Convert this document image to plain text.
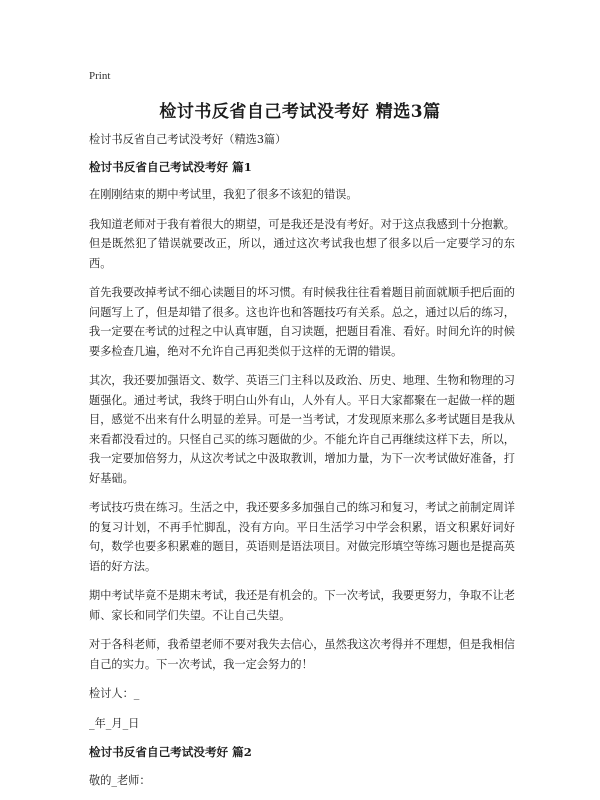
Print
检讨书反省自己考试没考好 精选3篇

检讨书反省自己考试没考好（精选3篇）

检讨书反省自己考试没考好 篇1

在刚刚结束的期中考试里，我犯了很多不该犯的错误。

我知道老师对于我有着很大的期望，可是我还是没有考好。对于这点我感到十分抱歉。但是既然犯了错误就要改正，所以，通过这次考试我也想了很多以后一定要学习的东西。

首先我要改掉考试不细心读题目的坏习惯。有时候我往往看着题目前面就顺手把后面的问题写上了，但是却错了很多。这也许也和答题技巧有关系。总之，通过以后的练习，我一定要在考试的过程之中认真审题，自习读题，把题目看准、看好。时间允许的时候要多检查几遍，绝对不允许自己再犯类似于这样的无谓的错误。

其次，我还要加强语文、数学、英语三门主科以及政治、历史、地理、生物和物理的习题强化。通过考试，我终于明白山外有山，人外有人。平日大家都聚在一起做一样的题目，感觉不出来有什么明显的差异。可是一当考试，才发现原来那么多考试题目是我从来看都没看过的。只怪自己买的练习题做的少。不能允许自己再继续这样下去，所以，我一定要加倍努力，从这次考试之中汲取教训，增加力量，为下一次考试做好准备，打好基础。

考试技巧贵在练习。生活之中，我还要多多加强自己的练习和复习，考试之前制定周详的复习计划，不再手忙脚乱，没有方向。平日生活学习中学会积累，语文积累好词好句，数学也要多积累难的题目，英语则是语法项目。对做完形填空等练习题也是提高英语的好方法。

期中考试毕竟不是期末考试，我还是有机会的。下一次考试，我要更努力，争取不让老师、家长和同学们失望。不让自己失望。

对于各科老师，我希望老师不要对我失去信心，虽然我这次考得并不理想，但是我相信自己的实力。下一次考试，我一定会努力的！

检讨人：_

_年_月_日

检讨书反省自己考试没考好 篇2

敬的_老师：
